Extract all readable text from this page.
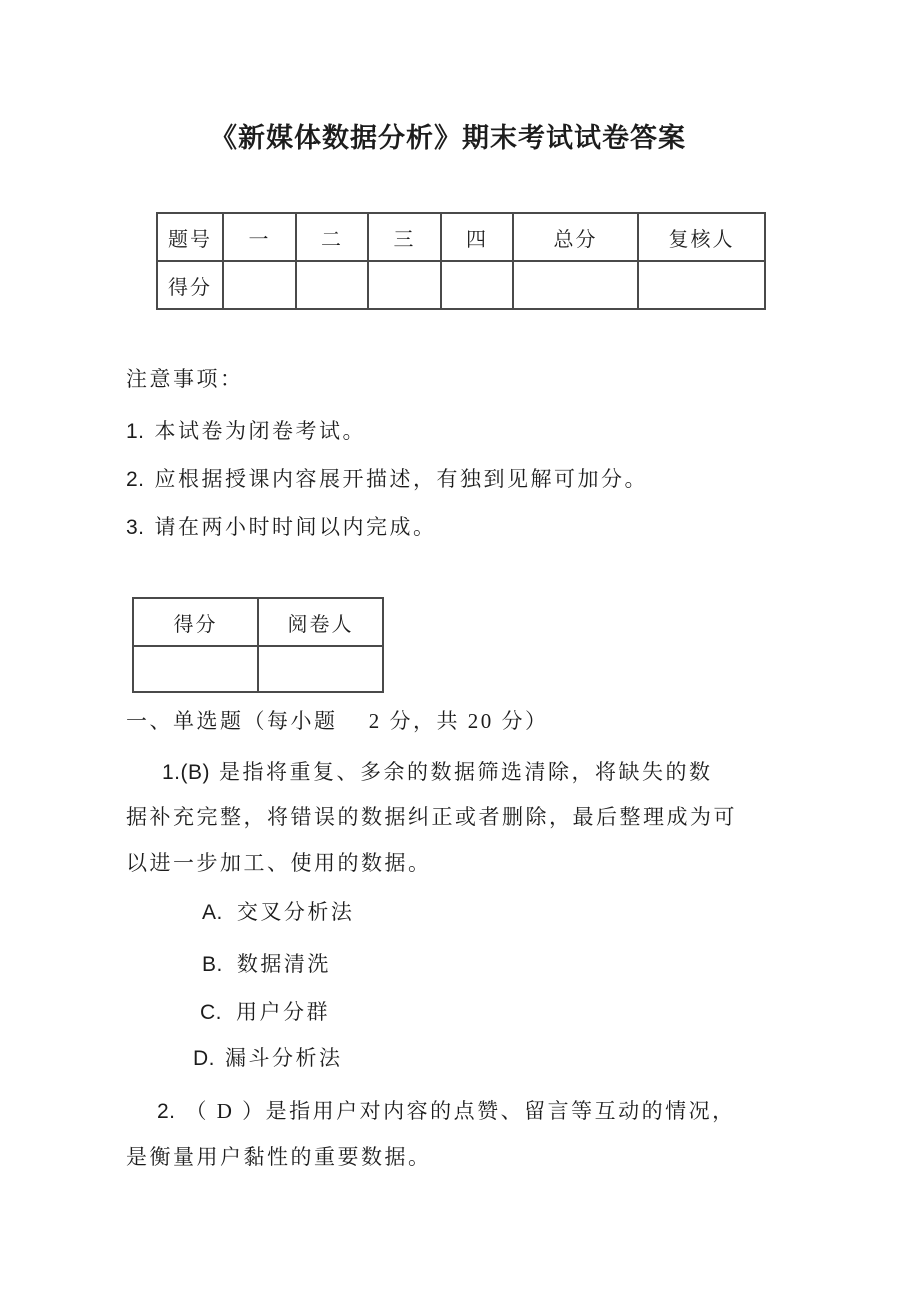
《新媒体数据分析》期末考试试卷答案
题号	一	二	三	四	总分	复核人
得分						
注意事项：
1. 本试卷为闭卷考试。
2. 应根据授课内容展开描述，有独到见解可加分。
3. 请在两小时时间以内完成。
得分	阅卷人

一、单选题（每小题　 2 分，共 20 分）
1.(B) 是指将重复、多余的数据筛选清除，将缺失的数
据补充完整，将错误的数据纠正或者删除，最后整理成为可
以进一步加工、使用的数据。
A. 交叉分析法
B. 数据清洗
C. 用户分群
D. 漏斗分析法
2. （ D ）是指用户对内容的点赞、留言等互动的情况，
是衡量用户黏性的重要数据。
